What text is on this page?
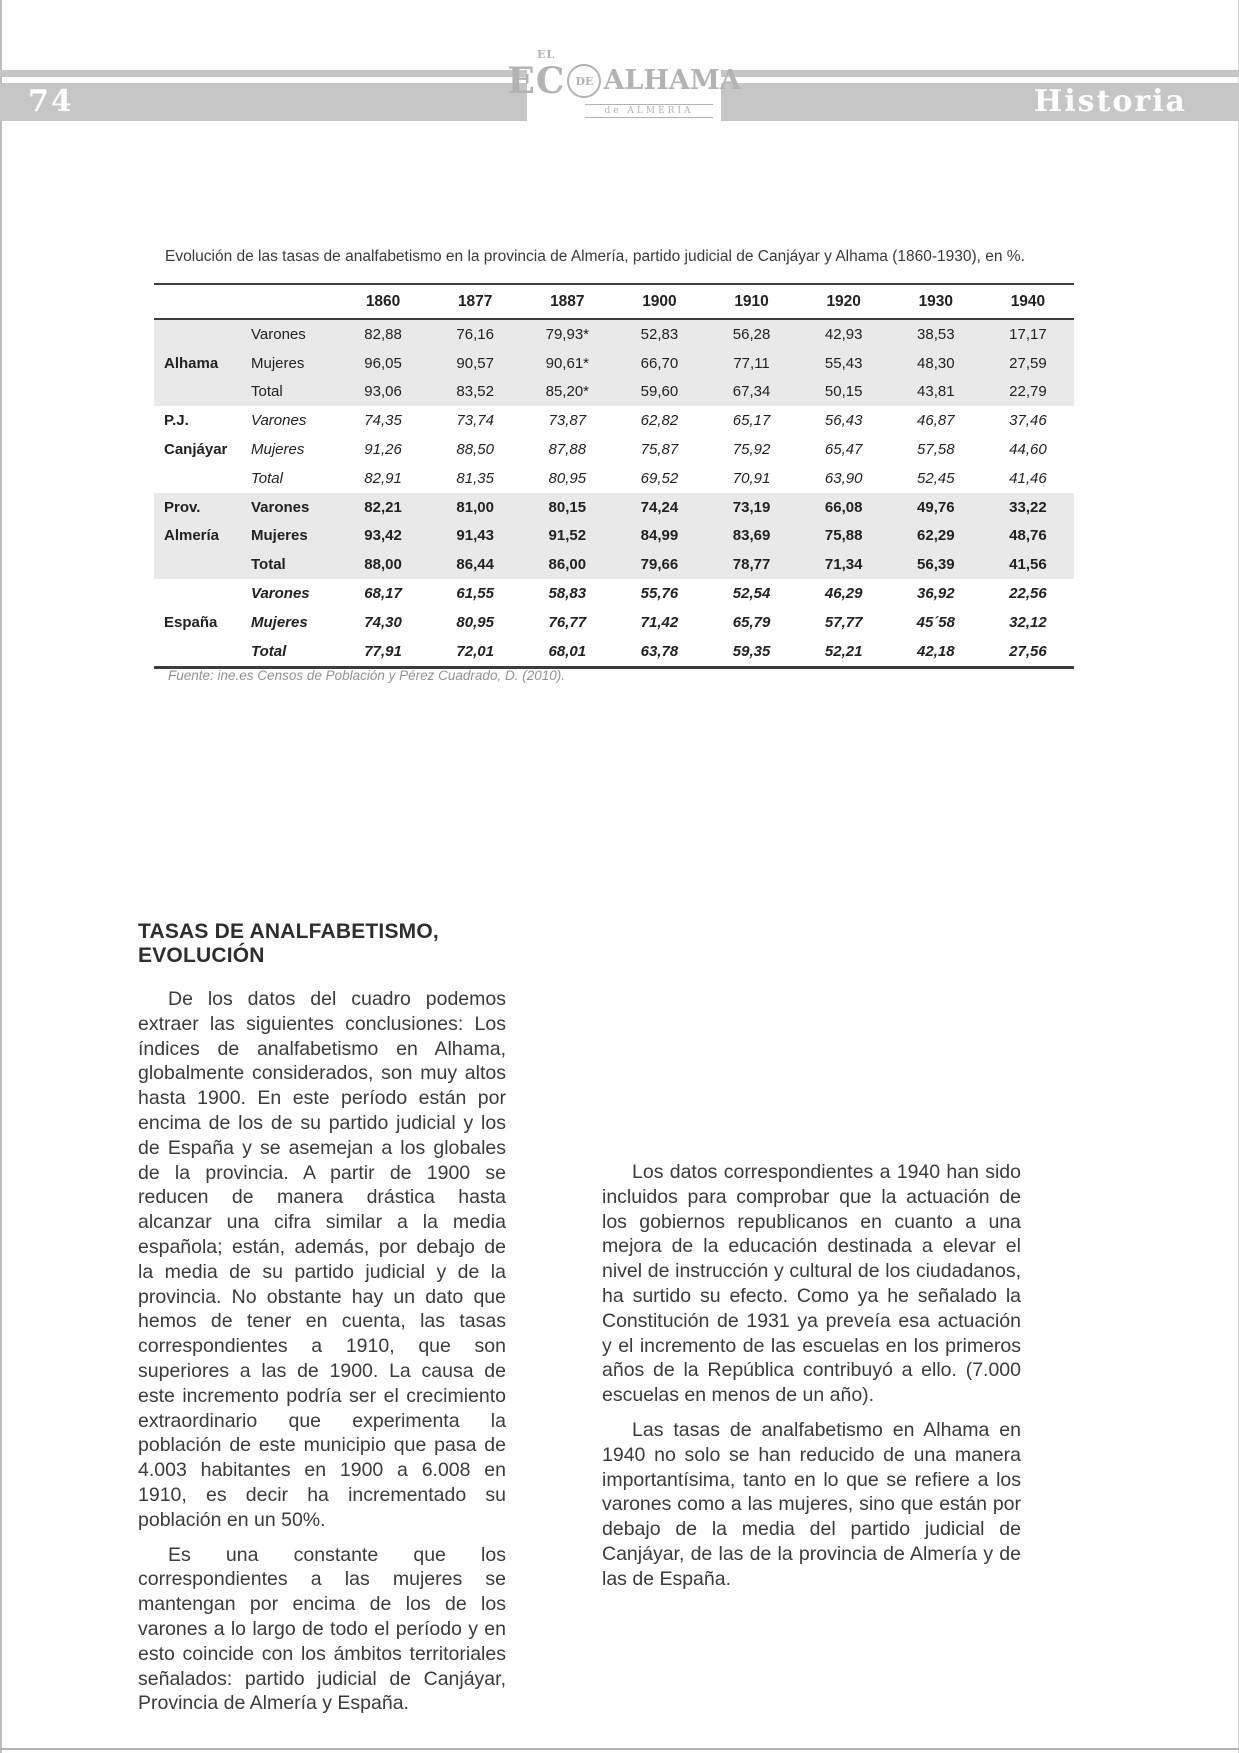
74	Historia
EL
EC DE ALHAMA
de ALMERÍA
Evolución de las tasas de analfabetismo en la provincia de Almería, partido judicial de Canjáyar y Alhama (1860-1930), en %.
1860	1877	1887	1900	1910	1920	1930	1940
Varones	82,88	76,16	79,93*	52,83	56,28	42,93	38,53	17,17
Alhama	Mujeres	96,05	90,57	90,61*	66,70	77,11	55,43	48,30	27,59
Total	93,06	83,52	85,20*	59,60	67,34	50,15	43,81	22,79
P.J.	Varones	74,35	73,74	73,87	62,82	65,17	56,43	46,87	37,46
Canjáyar	Mujeres	91,26	88,50	87,88	75,87	75,92	65,47	57,58	44,60
Total	82,91	81,35	80,95	69,52	70,91	63,90	52,45	41,46
Prov.	Varones	82,21	81,00	80,15	74,24	73,19	66,08	49,76	33,22
Almería	Mujeres	93,42	91,43	91,52	84,99	83,69	75,88	62,29	48,76
Total	88,00	86,44	86,00	79,66	78,77	71,34	56,39	41,56
Varones	68,17	61,55	58,83	55,76	52,54	46,29	36,92	22,56
España	Mujeres	74,30	80,95	76,77	71,42	65,79	57,77	45´58	32,12
Total	77,91	72,01	68,01	63,78	59,35	52,21	42,18	27,56
Fuente: ine.es Censos de Población y Pérez Cuadrado, D. (2010).
TASAS DE ANALFABETISMO, EVOLUCIÓN

De los datos del cuadro podemos extraer las siguientes conclusiones: Los índices de analfabetismo en Alhama, globalmente considerados, son muy altos hasta 1900. En este período están por encima de los de su partido judicial y los de España y se asemejan a los globales de la provincia. A partir de 1900 se reducen de manera drástica hasta alcanzar una cifra similar a la media española; están, además, por debajo de la media de su partido judicial y de la provincia. No obstante hay un dato que hemos de tener en cuenta, las tasas correspondientes a 1910, que son superiores a las de 1900. La causa de este incremento podría ser el crecimiento extraordinario que experimenta la población de este municipio que pasa de 4.003 habitantes en 1900 a 6.008 en 1910, es decir ha incrementado su población en un 50%.

Es una constante que los correspondientes a las mujeres se mantengan por encima de los de los varones a lo largo de todo el período y en esto coincide con los ámbitos territoriales señalados: partido judicial de Canjáyar, Provincia de Almería y España.

Los datos correspondientes a 1940 han sido incluidos para comprobar que la actuación de los gobiernos republicanos en cuanto a una mejora de la educación destinada a elevar el nivel de instrucción y cultural de los ciudadanos, ha surtido su efecto. Como ya he señalado la Constitución de 1931 ya preveía esa actuación y el incremento de las escuelas en los primeros años de la República contribuyó a ello. (7.000 escuelas en menos de un año).

Las tasas de analfabetismo en Alhama en 1940 no solo se han reducido de una manera importantísima, tanto en lo que se refiere a los varones como a las mujeres, sino que están por debajo de la media del partido judicial de Canjáyar, de las de la provincia de Almería y de las de España.
